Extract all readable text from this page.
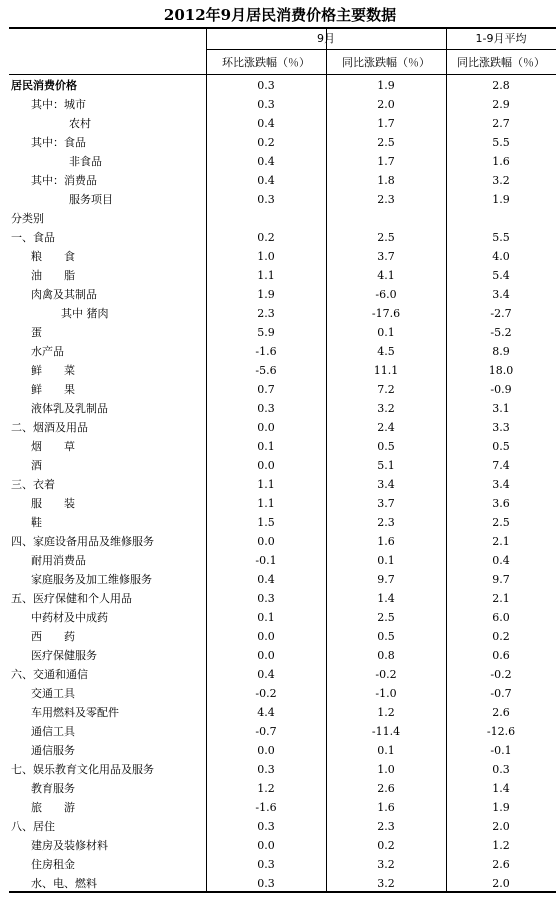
2012年9月居民消费价格主要数据
9月	1-9月平均
环比涨跌幅（％）	同比涨跌幅（％）	同比涨跌幅（％）
居民消费价格	0.3	1.9	2.8
其中：城市	0.3	2.0	2.9
农村	0.4	1.7	2.7
其中：食品	0.2	2.5	5.5
非食品	0.4	1.7	1.6
其中：消费品	0.4	1.8	3.2
服务项目	0.3	2.3	1.9
分类别
一、食品	0.2	2.5	5.5
粮　　食	1.0	3.7	4.0
油　　脂	1.1	4.1	5.4
肉禽及其制品	1.9	-6.0	3.4
其中 猪肉	2.3	-17.6	-2.7
蛋	5.9	0.1	-5.2
水产品	-1.6	4.5	8.9
鲜　　菜	-5.6	11.1	18.0
鲜　　果	0.7	7.2	-0.9
液体乳及乳制品	0.3	3.2	3.1
二、烟酒及用品	0.0	2.4	3.3
烟　　草	0.1	0.5	0.5
酒	0.0	5.1	7.4
三、衣着	1.1	3.4	3.4
服　　装	1.1	3.7	3.6
鞋	1.5	2.3	2.5
四、家庭设备用品及维修服务	0.0	1.6	2.1
耐用消费品	-0.1	0.1	0.4
家庭服务及加工维修服务	0.4	9.7	9.7
五、医疗保健和个人用品	0.3	1.4	2.1
中药材及中成药	0.1	2.5	6.0
西　　药	0.0	0.5	0.2
医疗保健服务	0.0	0.8	0.6
六、交通和通信	0.4	-0.2	-0.2
交通工具	-0.2	-1.0	-0.7
车用燃料及零配件	4.4	1.2	2.6
通信工具	-0.7	-11.4	-12.6
通信服务	0.0	0.1	-0.1
七、娱乐教育文化用品及服务	0.3	1.0	0.3
教育服务	1.2	2.6	1.4
旅　　游	-1.6	1.6	1.9
八、居住	0.3	2.3	2.0
建房及装修材料	0.0	0.2	1.2
住房租金	0.3	3.2	2.6
水、电、燃料	0.3	3.2	2.0
